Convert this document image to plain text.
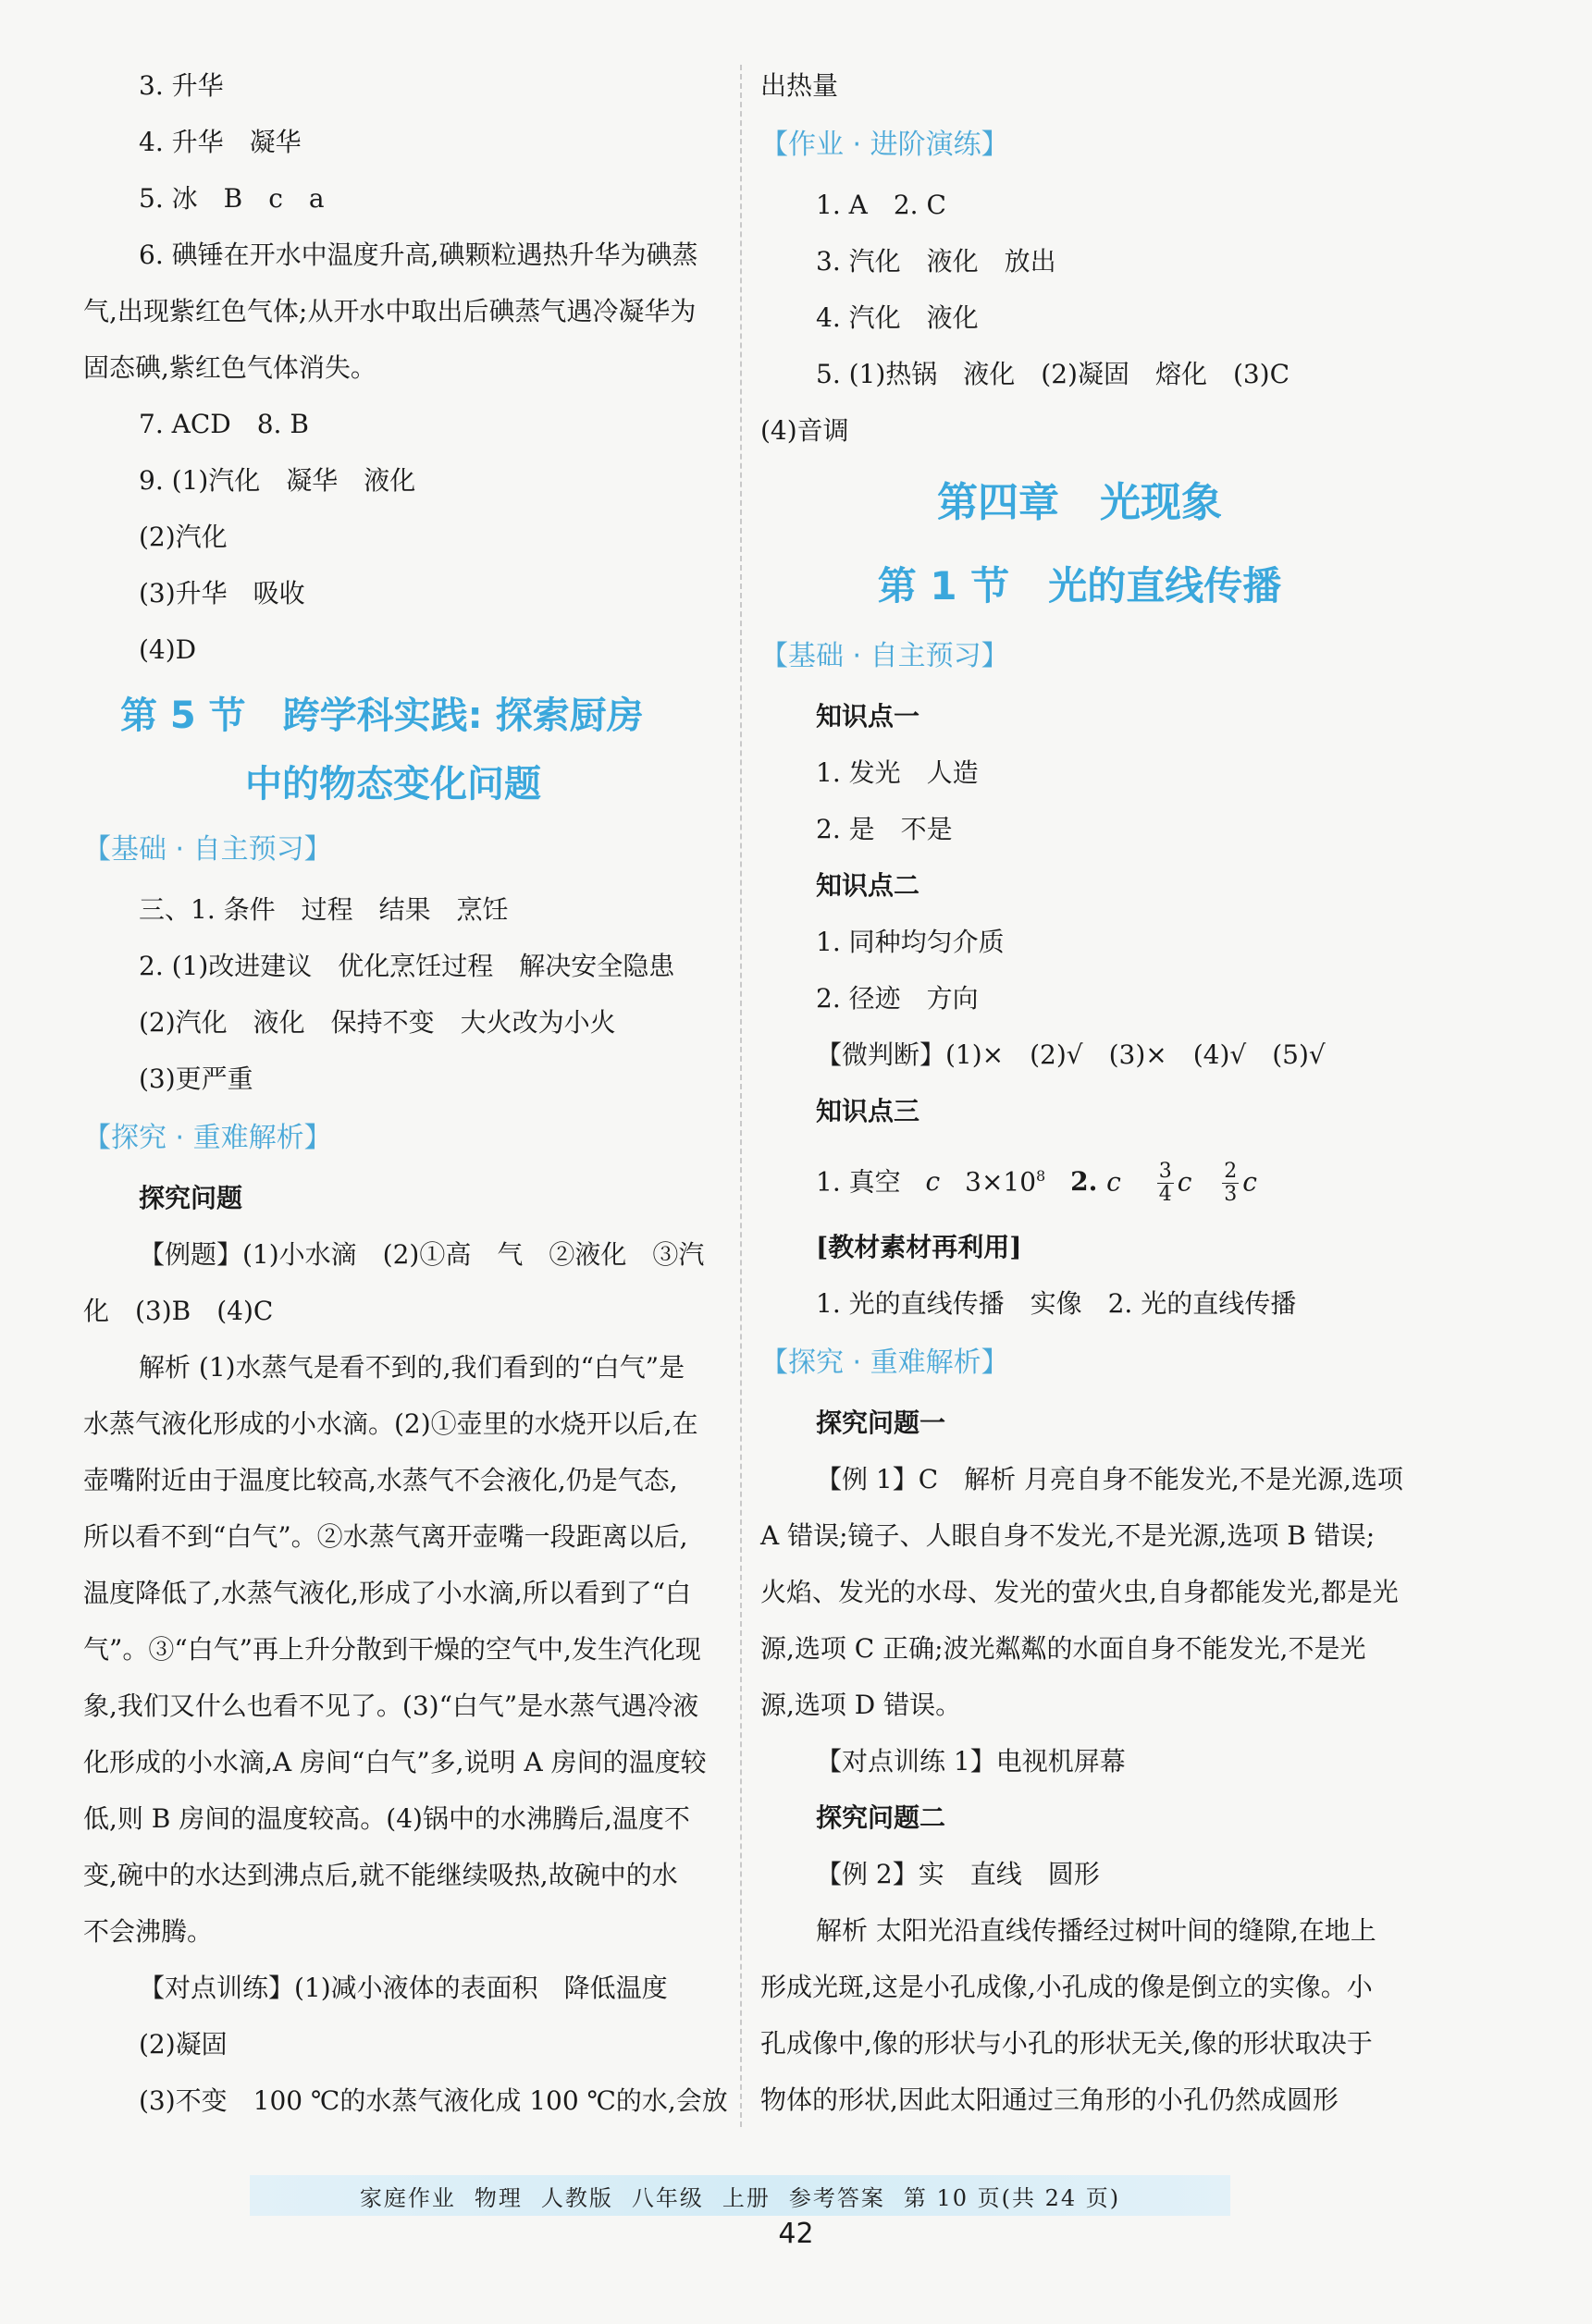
3. 升华
4. 升华　凝华
5. 冰　B　c　a
6. 碘锤在开水中温度升高,碘颗粒遇热升华为碘蒸
气,出现紫红色气体;从开水中取出后碘蒸气遇冷凝华为
固态碘,紫红色气体消失。
7. ACD　8. B
9. (1)汽化　凝华　液化
(2)汽化
(3)升华　吸收
(4)D
第 5 节　跨学科实践: 探索厨房
中的物态变化问题
【基础 · 自主预习】
三、1. 条件　过程　结果　烹饪
2. (1)改进建议　优化烹饪过程　解决安全隐患
(2)汽化　液化　保持不变　大火改为小火
(3)更严重
【探究 · 重难解析】
探究问题
【例题】(1)小水滴　(2)①高　气　②液化　③汽
化　(3)B　(4)C
解析 (1)水蒸气是看不到的,我们看到的“白气”是
水蒸气液化形成的小水滴。(2)①壶里的水烧开以后,在
壶嘴附近由于温度比较高,水蒸气不会液化,仍是气态,
所以看不到“白气”。②水蒸气离开壶嘴一段距离以后,
温度降低了,水蒸气液化,形成了小水滴,所以看到了“白
气”。③“白气”再上升分散到干燥的空气中,发生汽化现
象,我们又什么也看不见了。(3)“白气”是水蒸气遇冷液
化形成的小水滴,A 房间“白气”多,说明 A 房间的温度较
低,则 B 房间的温度较高。(4)锅中的水沸腾后,温度不
变,碗中的水达到沸点后,就不能继续吸热,故碗中的水
不会沸腾。
【对点训练】(1)减小液体的表面积　降低温度
(2)凝固
(3)不变　100 ℃的水蒸气液化成 100 ℃的水,会放
出热量
【作业 · 进阶演练】
1. A　2. C
3. 汽化　液化　放出
4. 汽化　液化
5. (1)热锅　液化　(2)凝固　熔化　(3)C
(4)音调
第四章　光现象
第 1 节　光的直线传播
【基础 · 自主预习】
知识点一
1. 发光　人造
2. 是　不是
知识点二
1. 同种均匀介质
2. 径迹　方向
【微判断】(1)×　(2)√　(3)×　(4)√　(5)√
知识点三
1. 真空 c $3\times 10^8$ 2. c $\frac{3}{4}$ c $\frac{2}{3}$ c
[教材素材再利用]
1. 光的直线传播　实像　2. 光的直线传播
【探究 · 重难解析】
探究问题一
【例 1】C　解析 月亮自身不能发光,不是光源,选项
A 错误;镜子、人眼自身不发光,不是光源,选项 B 错误;
火焰、发光的水母、发光的萤火虫,自身都能发光,都是光
源,选项 C 正确;波光粼粼的水面自身不能发光,不是光
源,选项 D 错误。
【对点训练 1】电视机屏幕
探究问题二
【例 2】实　直线　圆形
解析 太阳光沿直线传播经过树叶间的缝隙,在地上
形成光斑,这是小孔成像,小孔成的像是倒立的实像。小
孔成像中,像的形状与小孔的形状无关,像的形状取决于
物体的形状,因此太阳通过三角形的小孔仍然成圆形
家庭作业 物理 人教版 八年级 上册 参考答案 第 10 页(共 24 页)
42
